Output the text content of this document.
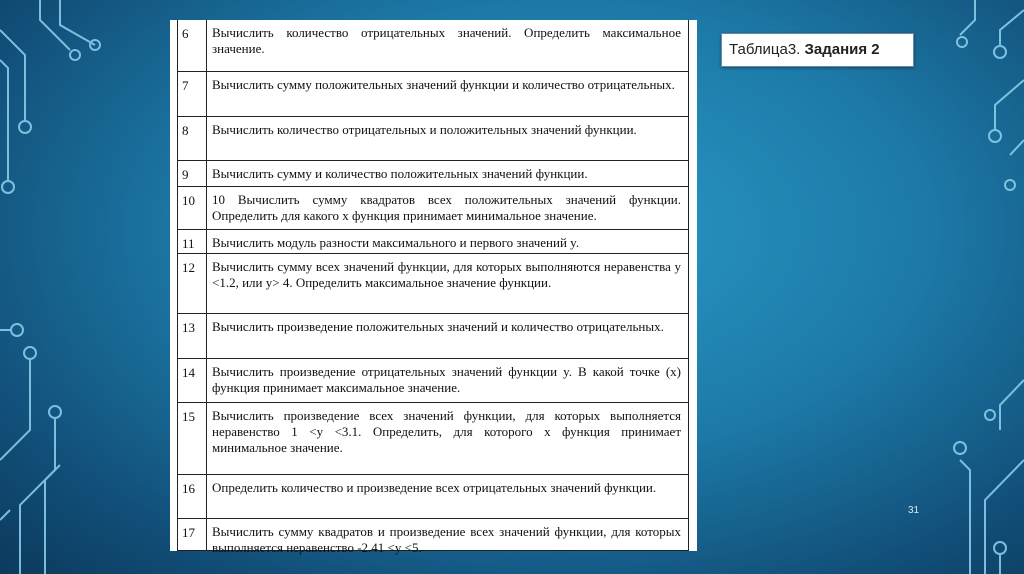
6	Вычислить количество отрицательных значений. Определить максимальное значение.
7	Вычислить сумму положительных значений функции и количество отрицательных.
8	Вычислить количество отрицательных и положительных значений функции.
9	Вычислить сумму и количество положительных значений функции.
10	10 Вычислить сумму квадратов всех положительных значений функции. Определить для какого x функция принимает минимальное значение.
11	Вычислить модуль разности максимального и первого значений y.
12	Вычислить сумму всех значений функции, для которых выполняются неравенства y <1.2, или y> 4. Определить максимальное значение функции.
13	Вычислить произведение положительных значений и количество отрицательных.
14	Вычислить произведение отрицательных значений функции y. В какой точке (x) функция принимает максимальное значение.
15	Вычислить произведение всех значений функции, для которых выполняется неравенство 1 <y <3.1. Определить, для которого x функция принимает минимальное значение.
16	Определить количество и произведение всех отрицательных значений функции.
17	Вычислить сумму квадратов и произведение всех значений функции, для которых выполняется неравенство -2.41 <y <5.
Таблица3. Задания 2
31
